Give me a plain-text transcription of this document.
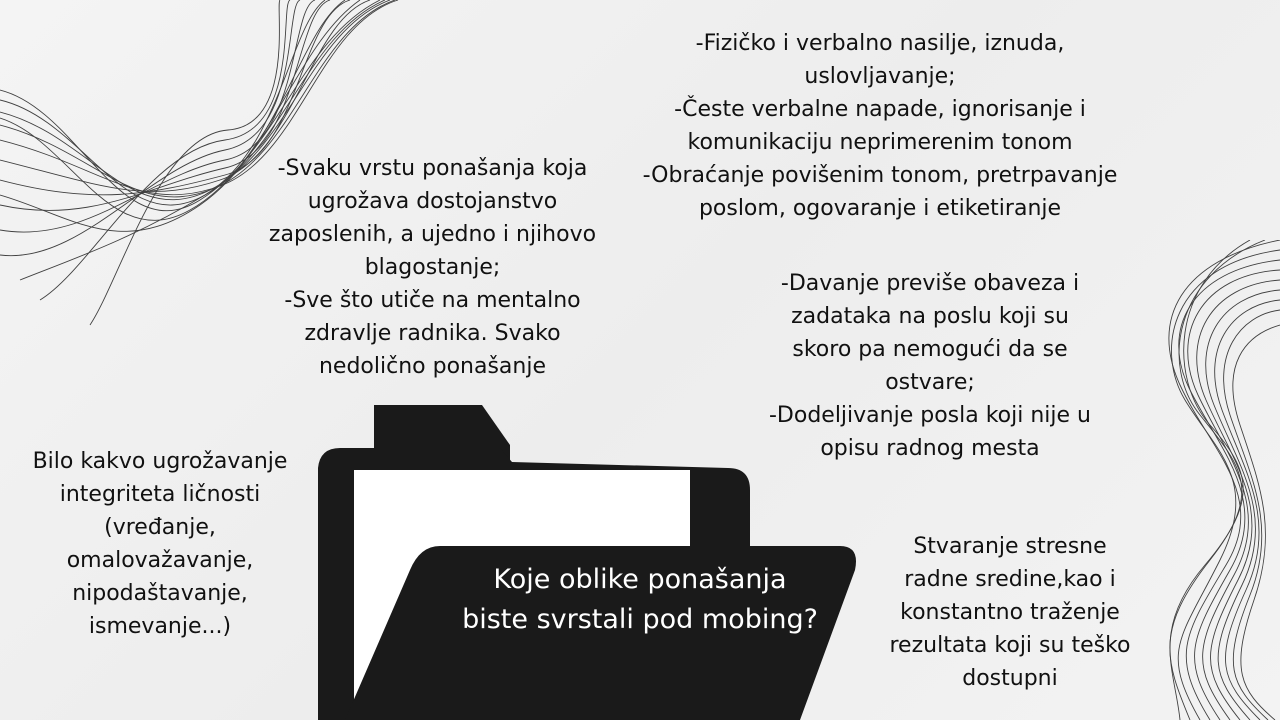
Koje oblike ponašanja

biste svrstali pod mobing?

-Fizičko i verbalno nasilje, iznuda,

uslovljavanje;

-Česte verbalne napade, ignorisanje i

komunikaciju neprimerenim tonom

-Obraćanje povišenim tonom, pretrpavanje

poslom, ogovaranje i etiketiranje

-Svaku vrstu ponašanja koja

ugrožava dostojanstvo

zaposlenih, a ujedno i njihovo

blagostanje;

-Sve što utiče na mentalno

zdravlje radnika. Svako

nedolično ponašanje

-Davanje previše obaveza i

zadataka na poslu koji su

skoro pa nemogući da se

ostvare;

-Dodeljivanje posla koji nije u

opisu radnog mesta

Bilo kakvo ugrožavanje

integriteta ličnosti

(vređanje,

omalovažavanje,

nipodaštavanje,

ismevanje...)

Stvaranje stresne

radne sredine,kao i

konstantno traženje

rezultata koji su teško

dostupni
